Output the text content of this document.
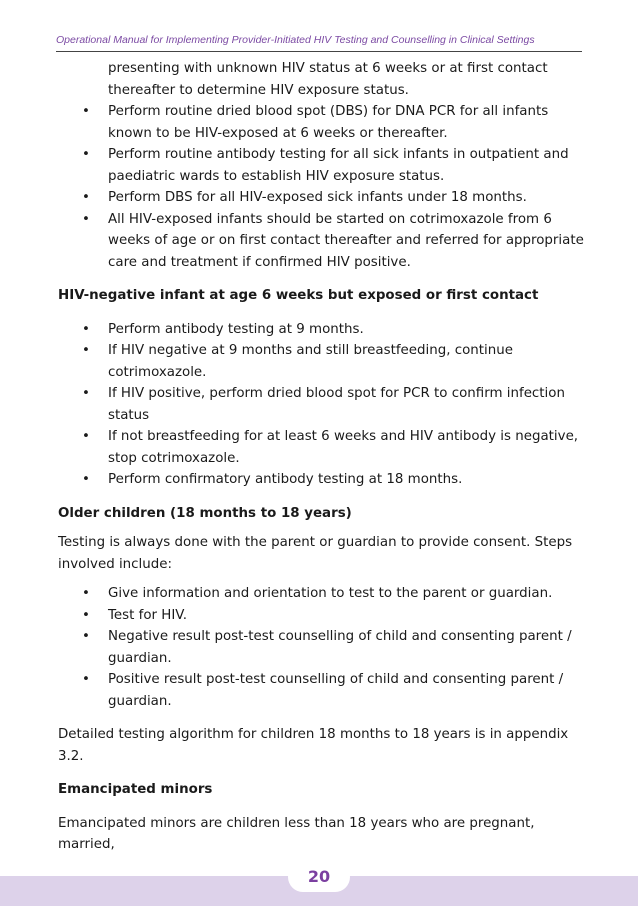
Operational Manual for Implementing Provider-Initiated HIV Testing and Counselling in Clinical Settings
presenting with unknown HIV status at 6 weeks or at first contact thereafter to determine HIV exposure status.
• Perform routine dried blood spot (DBS) for DNA PCR for all infants known to be HIV-exposed at 6 weeks or thereafter.
• Perform routine antibody testing for all sick infants in outpatient and paediatric wards to establish HIV exposure status.
• Perform DBS for all HIV-exposed sick infants under 18 months.
• All HIV-exposed infants should be started on cotrimoxazole from 6 weeks of age or on first contact thereafter and referred for appropriate care and treatment if confirmed HIV positive.
HIV-negative infant at age 6 weeks but exposed or first contact
• Perform antibody testing at 9 months.
• If HIV negative at 9 months and still breastfeeding, continue cotrimoxazole.
• If HIV positive, perform dried blood spot for PCR to confirm infection status
• If not breastfeeding for at least 6 weeks and HIV antibody is negative, stop cotrimoxazole.
• Perform confirmatory antibody testing at 18 months.
Older children (18 months to 18 years)

Testing is always done with the parent or guardian to provide consent. Steps involved include:

• Give information and orientation to test to the parent or guardian.
• Test for HIV.
• Negative result post-test counselling of child and consenting parent / guardian.
• Positive result post-test counselling of child and consenting parent / guardian.

Detailed testing algorithm for children 18 months to 18 years is in appendix 3.2.

Emancipated minors

Emancipated minors are children less than 18 years who are pregnant, married,

20
